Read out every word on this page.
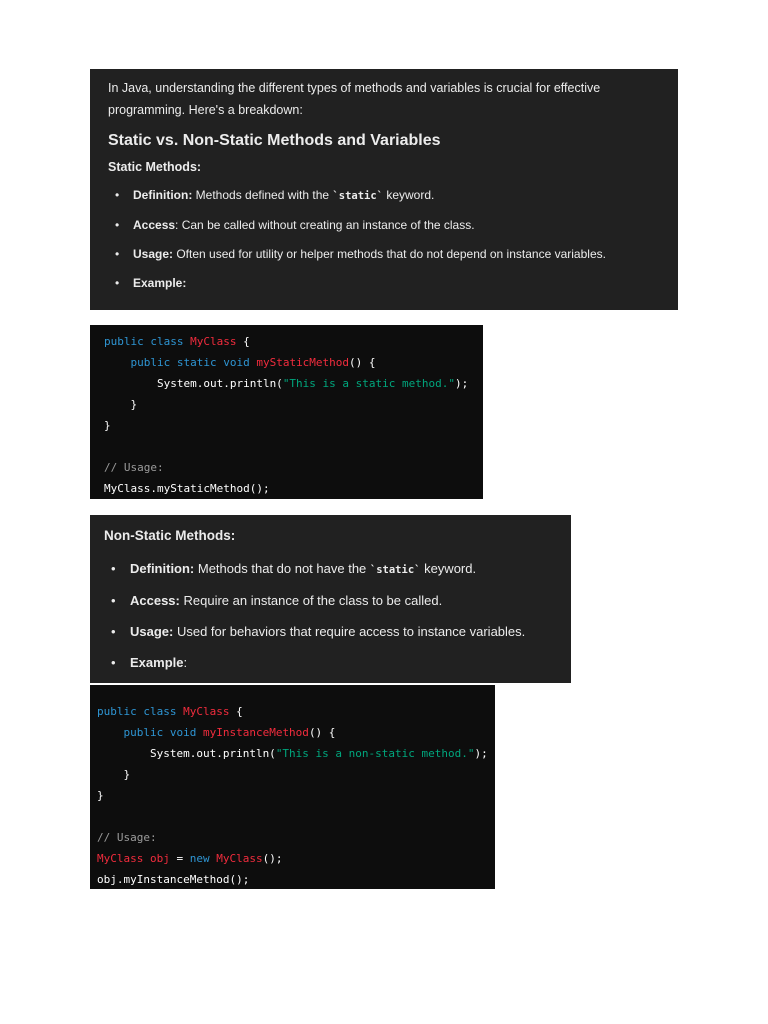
In Java, understanding the different types of methods and variables is crucial for effective programming. Here's a breakdown:

Static vs. Non-Static Methods and Variables
Static Methods:
• Definition: Methods defined with the `static` keyword.
• Access: Can be called without creating an instance of the class.
• Usage: Often used for utility or helper methods that do not depend on instance variables.
• Example:
public class MyClass {
public static void myStaticMethod() {
System.out.println("This is a static method.");
}
}

// Usage:
MyClass.myStaticMethod();
Non-Static Methods:
• Definition: Methods that do not have the `static` keyword.
• Access: Require an instance of the class to be called.
• Usage: Used for behaviors that require access to instance variables.
• Example:
public class MyClass {
public void myInstanceMethod() {
System.out.println("This is a non-static method.");
}
}

// Usage:
MyClass obj = new MyClass();
obj.myInstanceMethod();
